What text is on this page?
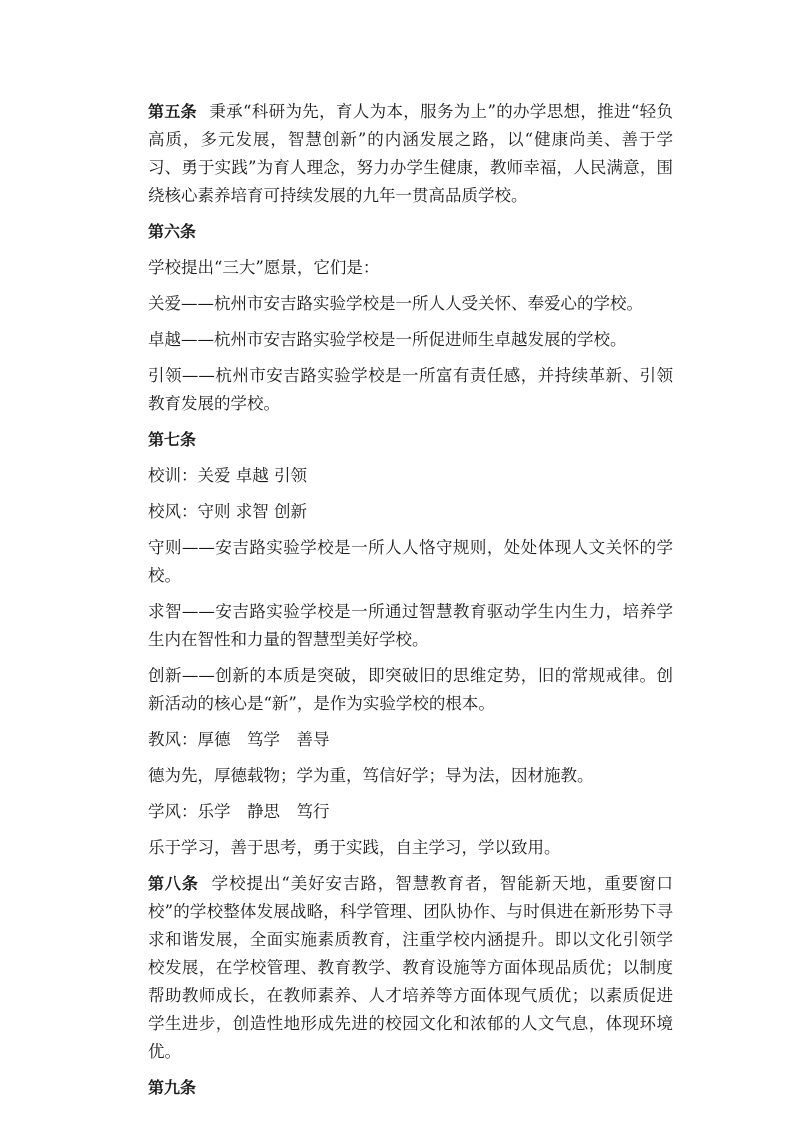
第五条 秉承“科研为先，育人为本，服务为上”的办学思想，推进“轻负高质，多元发展，智慧创新”的内涵发展之路，以“健康尚美、善于学习、勇于实践”为育人理念，努力办学生健康，教师幸福，人民满意，围绕核心素养培育可持续发展的九年一贯高品质学校。

第六条

学校提出“三大”愿景，它们是：

关爱——杭州市安吉路实验学校是一所人人受关怀、奉爱心的学校。

卓越——杭州市安吉路实验学校是一所促进师生卓越发展的学校。

引领——杭州市安吉路实验学校是一所富有责任感，并持续革新、引领教育发展的学校。

第七条

校训：关爱 卓越 引领

校风：守则 求智 创新

守则——安吉路实验学校是一所人人恪守规则，处处体现人文关怀的学校。

求智——安吉路实验学校是一所通过智慧教育驱动学生内生力，培养学生内在智性和力量的智慧型美好学校。

创新——创新的本质是突破，即突破旧的思维定势，旧的常规戒律。创新活动的核心是“新”，是作为实验学校的根本。

教风：厚德　笃学　善导

德为先，厚德载物；学为重，笃信好学；导为法，因材施教。

学风：乐学　静思　笃行

乐于学习，善于思考，勇于实践，自主学习，学以致用。

第八条 学校提出“美好安吉路，智慧教育者，智能新天地，重要窗口校”的学校整体发展战略，科学管理、团队协作、与时俱进在新形势下寻求和谐发展，全面实施素质教育，注重学校内涵提升。即以文化引领学校发展，在学校管理、教育教学、教育设施等方面体现品质优；以制度帮助教师成长，在教师素养、人才培养等方面体现气质优；以素质促进学生进步，创造性地形成先进的校园文化和浓郁的人文气息，体现环境优。

第九条
